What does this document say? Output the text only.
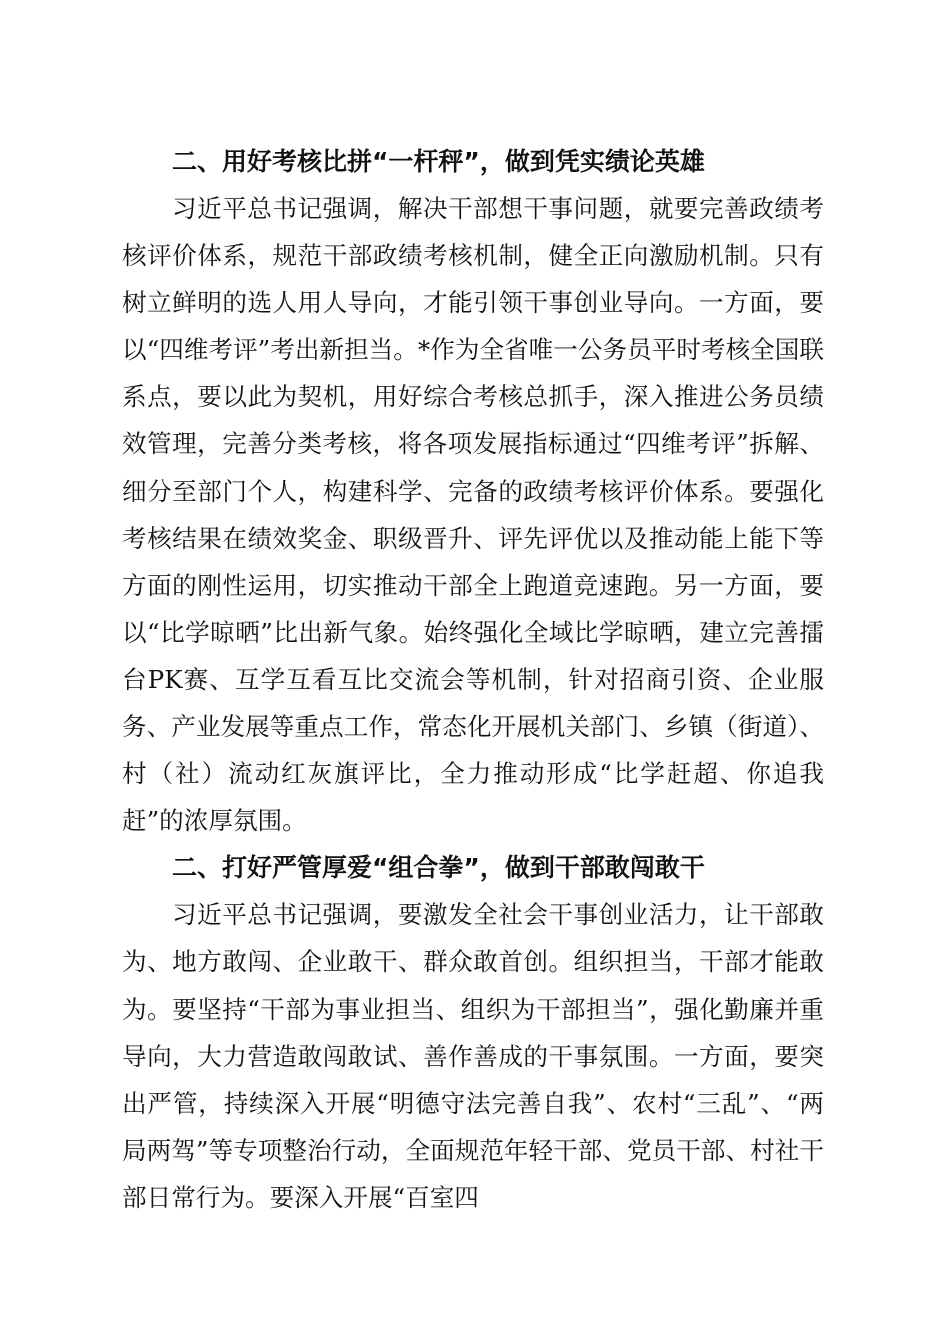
二、用好考核比拼“一杆秤”，做到凭实绩论英雄

习近平总书记强调，解决干部想干事问题，就要完善政绩考核评价体系，规范干部政绩考核机制，健全正向激励机制。只有树立鲜明的选人用人导向，才能引领干事创业导向。一方面，要以“四维考评”考出新担当。*作为全省唯一公务员平时考核全国联系点，要以此为契机，用好综合考核总抓手，深入推进公务员绩效管理，完善分类考核，将各项发展指标通过“四维考评”拆解、细分至部门个人，构建科学、完备的政绩考核评价体系。要强化考核结果在绩效奖金、职级晋升、评先评优以及推动能上能下等方面的刚性运用，切实推动干部全上跑道竞速跑。另一方面，要以“比学晾晒”比出新气象。始终强化全域比学晾晒，建立完善擂台PK赛、互学互看互比交流会等机制，针对招商引资、企业服务、产业发展等重点工作，常态化开展机关部门、乡镇（街道）、村（社）流动红灰旗评比，全力推动形成“比学赶超、你追我赶”的浓厚氛围。

二、打好严管厚爱“组合拳”，做到干部敢闯敢干

习近平总书记强调，要激发全社会干事创业活力，让干部敢为、地方敢闯、企业敢干、群众敢首创。组织担当，干部才能敢为。要坚持“干部为事业担当、组织为干部担当”，强化勤廉并重导向，大力营造敢闯敢试、善作善成的干事氛围。一方面，要突出严管，持续深入开展“明德守法完善自我”、农村“三乱”、“两局两驾”等专项整治行动，全面规范年轻干部、党员干部、村社干部日常行为。要深入开展“百室四
